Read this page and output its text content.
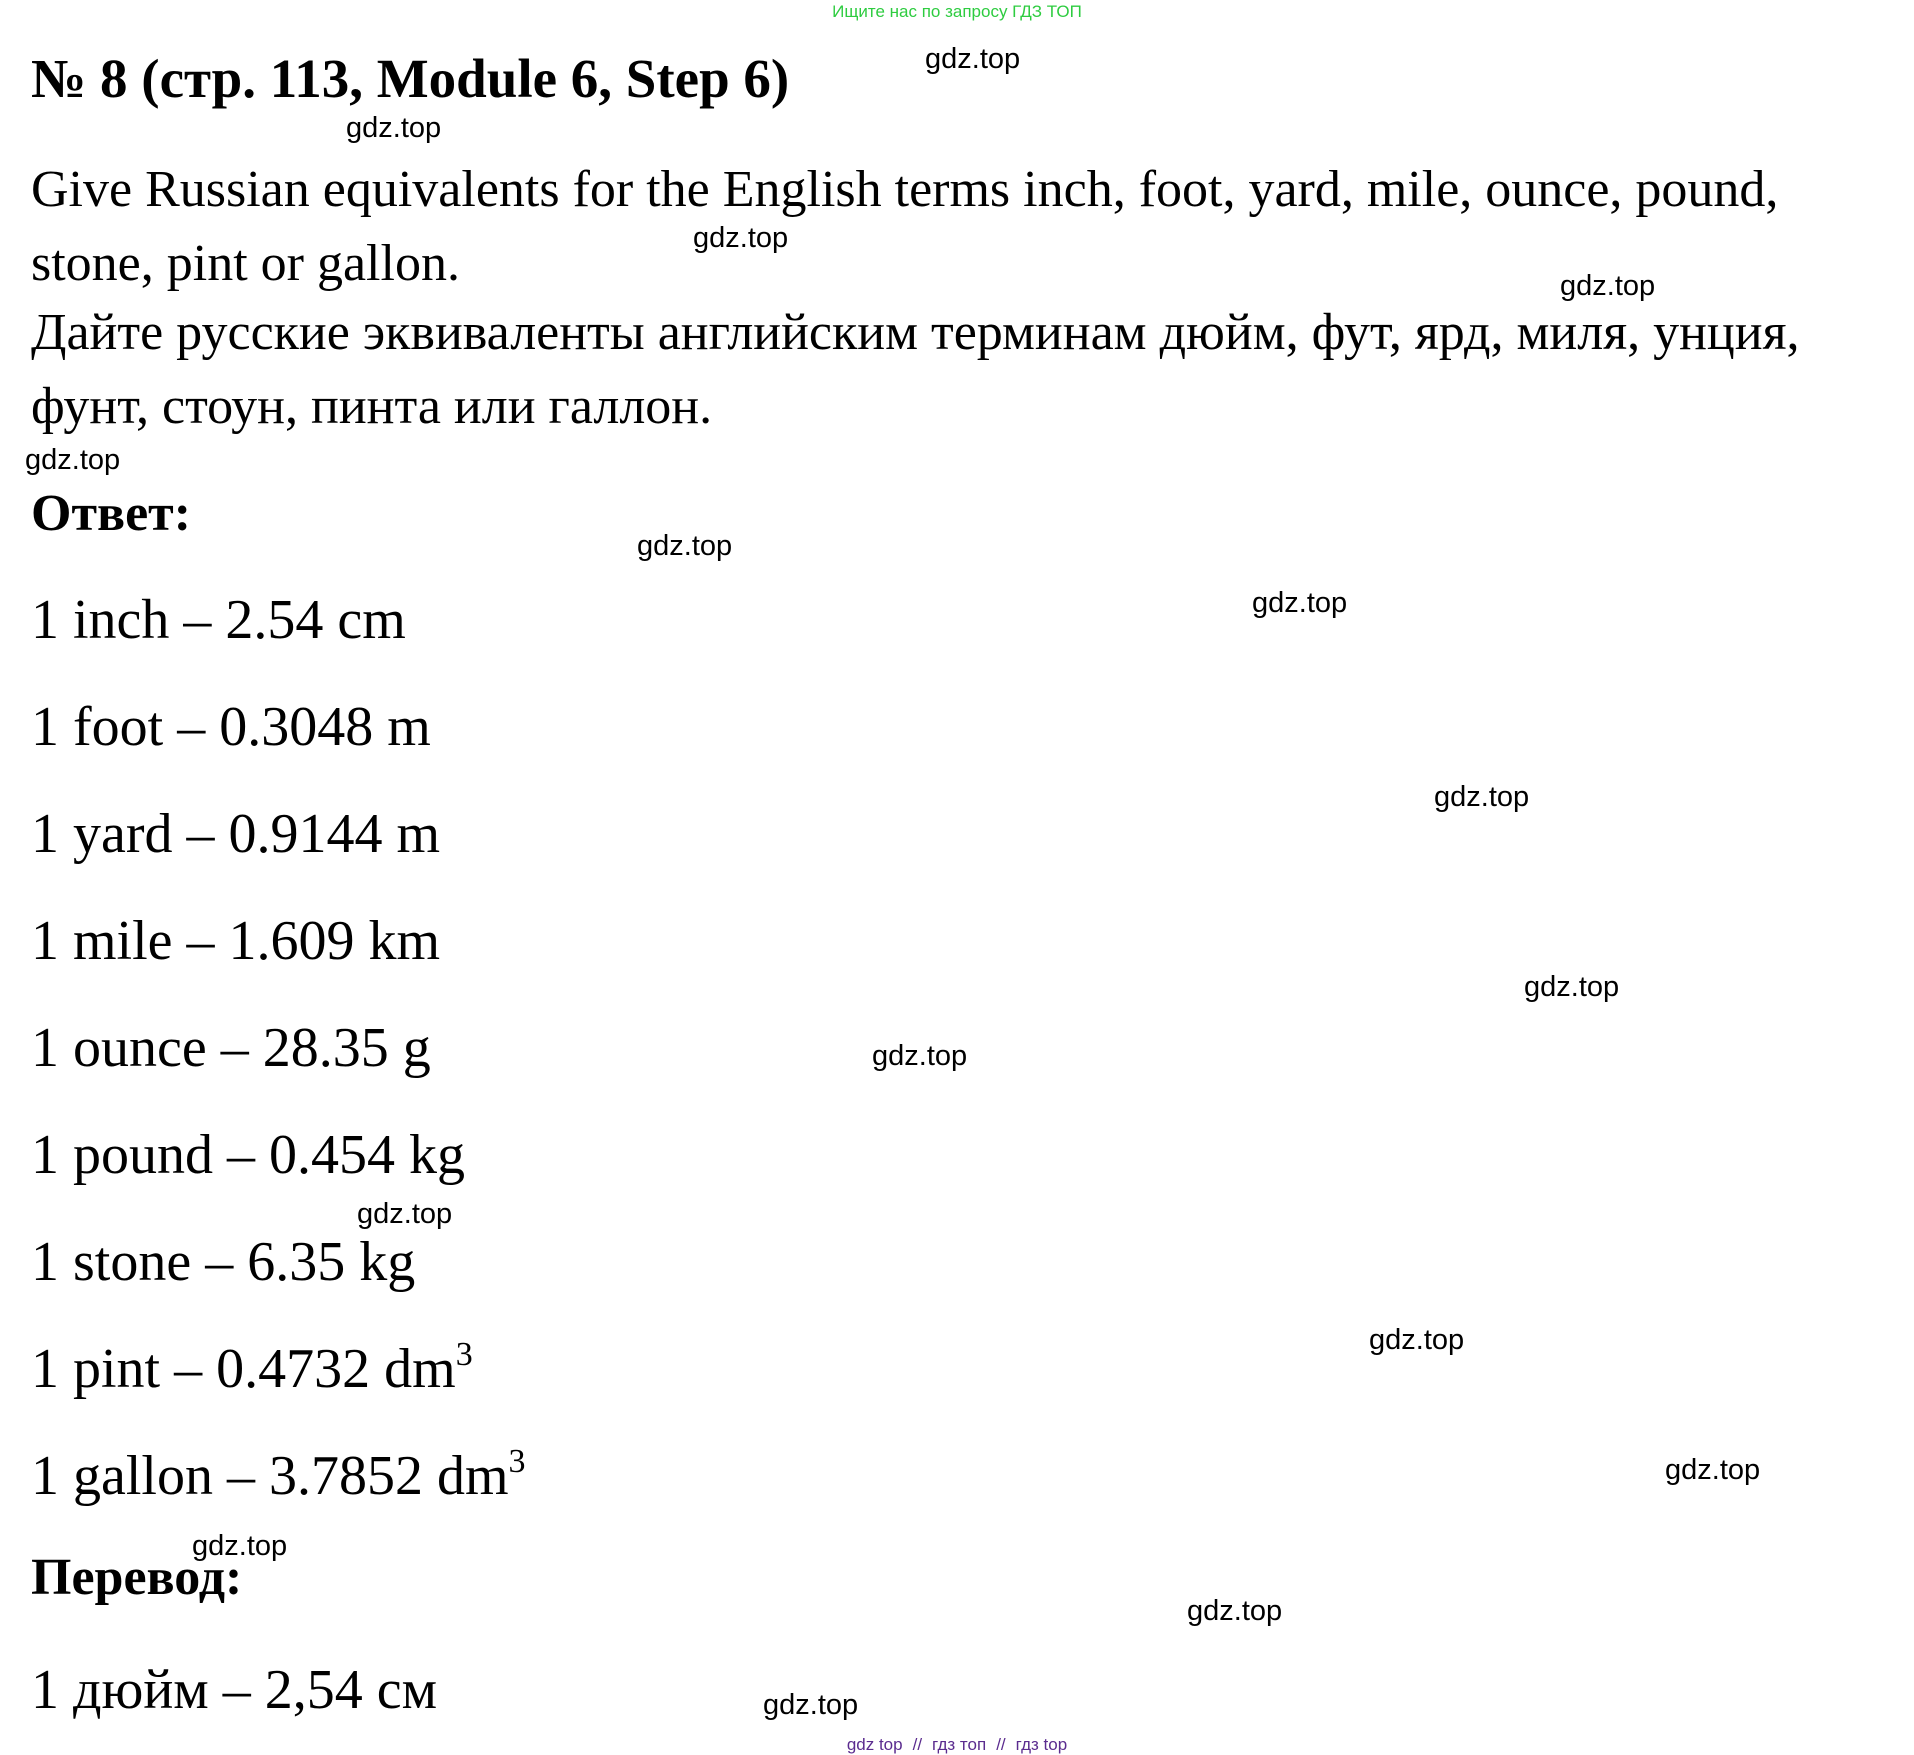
Ищите нас по запросу ГДЗ ТОП
№ 8 (стр. 113, Module 6, Step 6)
Give Russian equivalents for the English terms inch, foot, yard, mile, ounce, pound, stone, pint or gallon.
Дайте русские эквиваленты английским терминам дюйм, фут, ярд, миля, унция, фунт, стоун, пинта или галлон.
Ответ:
1 inch – 2.54 cm
1 foot – 0.3048 m
1 yard – 0.9144 m
1 mile – 1.609 km
1 ounce – 28.35 g
1 pound – 0.454 kg
1 stone – 6.35 kg
1 pint – 0.4732 $dm^3$
1 gallon – 3.7852 $dm^3$
Перевод:
1 дюйм – 2,54 см
gdz.top
gdz.top
gdz.top
gdz.top
gdz.top
gdz.top
gdz.top
gdz.top
gdz.top
gdz.top
gdz.top
gdz.top
gdz.top
gdz.top
gdz.top
gdz.top
gdz top // гдз топ // гдз top
